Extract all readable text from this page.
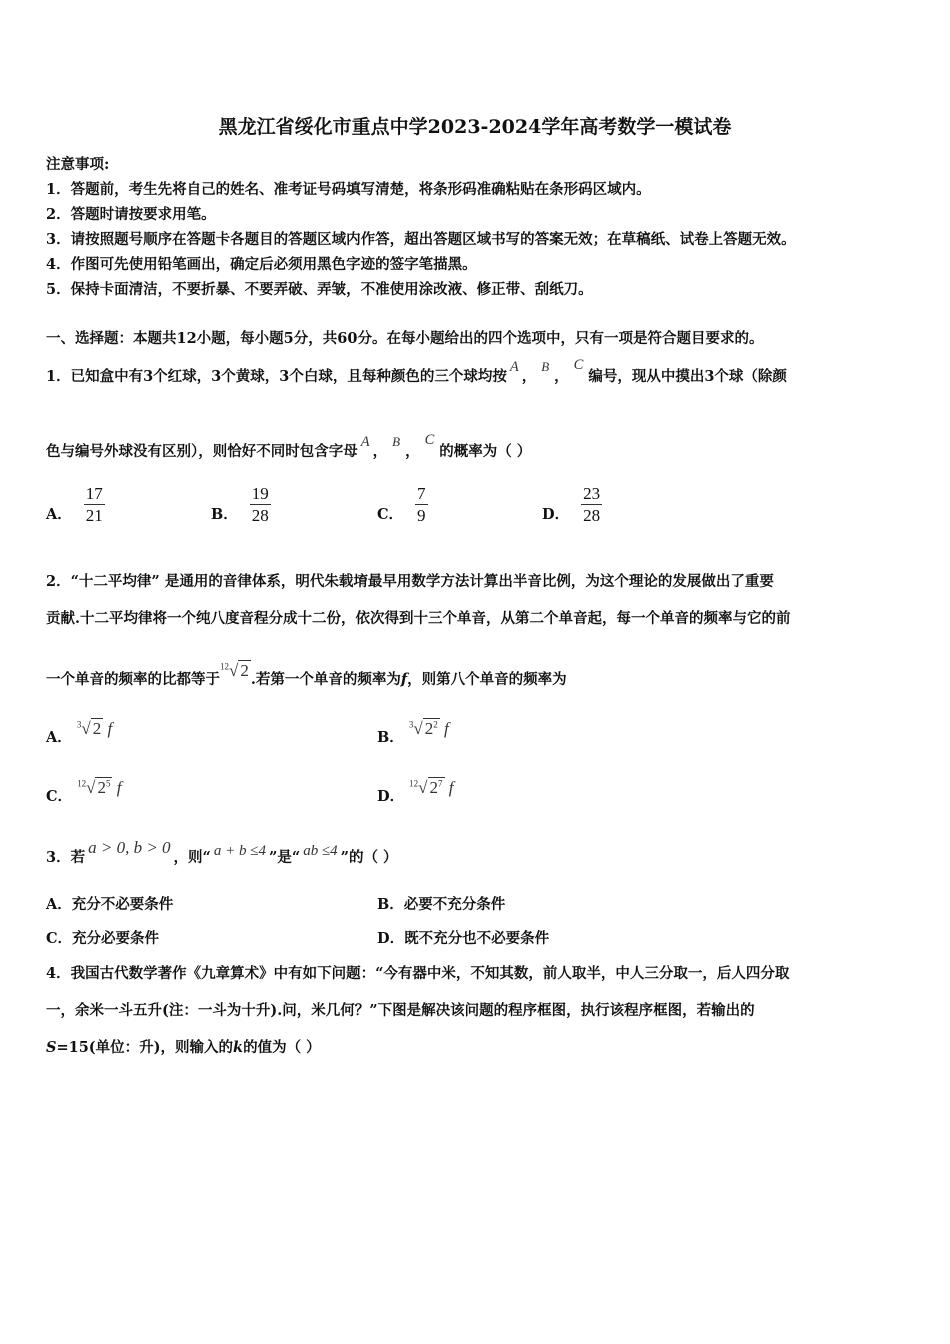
黑龙江省绥化市重点中学2023-2024学年高考数学一模试卷
注意事项:
1．答题前，考生先将自己的姓名、准考证号码填写清楚，将条形码准确粘贴在条形码区域内。
2．答题时请按要求用笔。
3．请按照题号顺序在答题卡各题目的答题区域内作答，超出答题区域书写的答案无效；在草稿纸、试卷上答题无效。
4．作图可先使用铅笔画出，确定后必须用黑色字迹的签字笔描黑。
5．保持卡面清洁，不要折暴、不要弄破、弄皱，不准使用涂改液、修正带、刮纸刀。
一、选择题：本题共12小题，每小题5分，共60分。在每小题给出的四个选项中，只有一项是符合题目要求的。
1．已知盒中有3个红球，3个黄球，3个白球，且每种颜色的三个球均按A，B，C编号，现从中摸出3个球（除颜
色与编号外球没有区别），则恰好不同时包含字母A，B，C的概率为（ ）
A． $\frac{17}{21}$	B． $\frac{19}{28}$	C． $\frac{7}{9}$	D． $\frac{23}{28}$
2．“十二平均律” 是通用的音律体系，明代朱载堉最早用数学方法计算出半音比例，为这个理论的发展做出了重要
贡献.十二平均律将一个纯八度音程分成十二份，依次得到十三个单音，从第二个单音起，每一个单音的频率与它的前
一个单音的频率的比都等于$^{12}$√ 2 .若第一个单音的频率为f，则第八个单音的频率为
A． $^3$√ 2 f	B． $^3$√ $2^2$ f
C． $^{12}$√ $2^5$ f	D． $^{12}$√ $2^7$ f
3．若a > 0, b > 0，则“ a + b ≤4 ”是“ ab ≤4 ”的（ ）
A．充分不必要条件	B．必要不充分条件
C．充分必要条件	D．既不充分也不必要条件
4．我国古代数学著作《九章算术》中有如下问题：“今有器中米，不知其数，前人取半，中人三分取一，后人四分取
一，余米一斗五升(注：一斗为十升).问，米几何？”下图是解决该问题的程序框图，执行该程序框图，若输出的
S=15(单位：升)，则输入的k的值为（ ）
